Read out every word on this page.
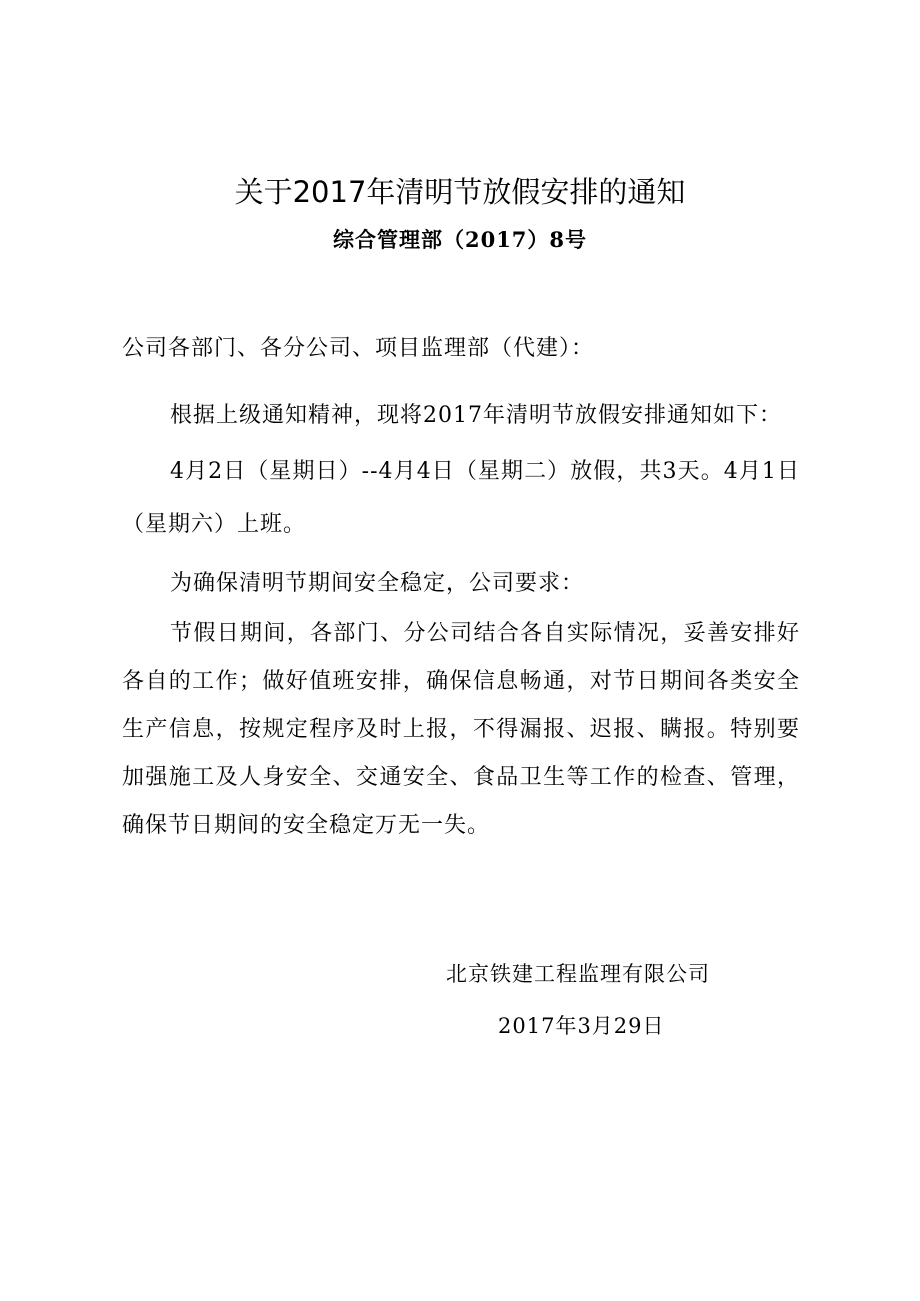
关于2017年清明节放假安排的通知
综合管理部（2017）8号
公司各部门、各分公司、项目监理部（代建）：
根据上级通知精神，现将2017年清明节放假安排通知如下：
4月2日（星期日）--4月4日（星期二）放假，共3天。4月1日（星期六）上班。
为确保清明节期间安全稳定，公司要求：
节假日期间，各部门、分公司结合各自实际情况，妥善安排好各自的工作；做好值班安排，确保信息畅通，对节日期间各类安全生产信息，按规定程序及时上报，不得漏报、迟报、瞒报。特别要加强施工及人身安全、交通安全、食品卫生等工作的检查、管理，确保节日期间的安全稳定万无一失。
北京铁建工程监理有限公司
2017年3月29日
